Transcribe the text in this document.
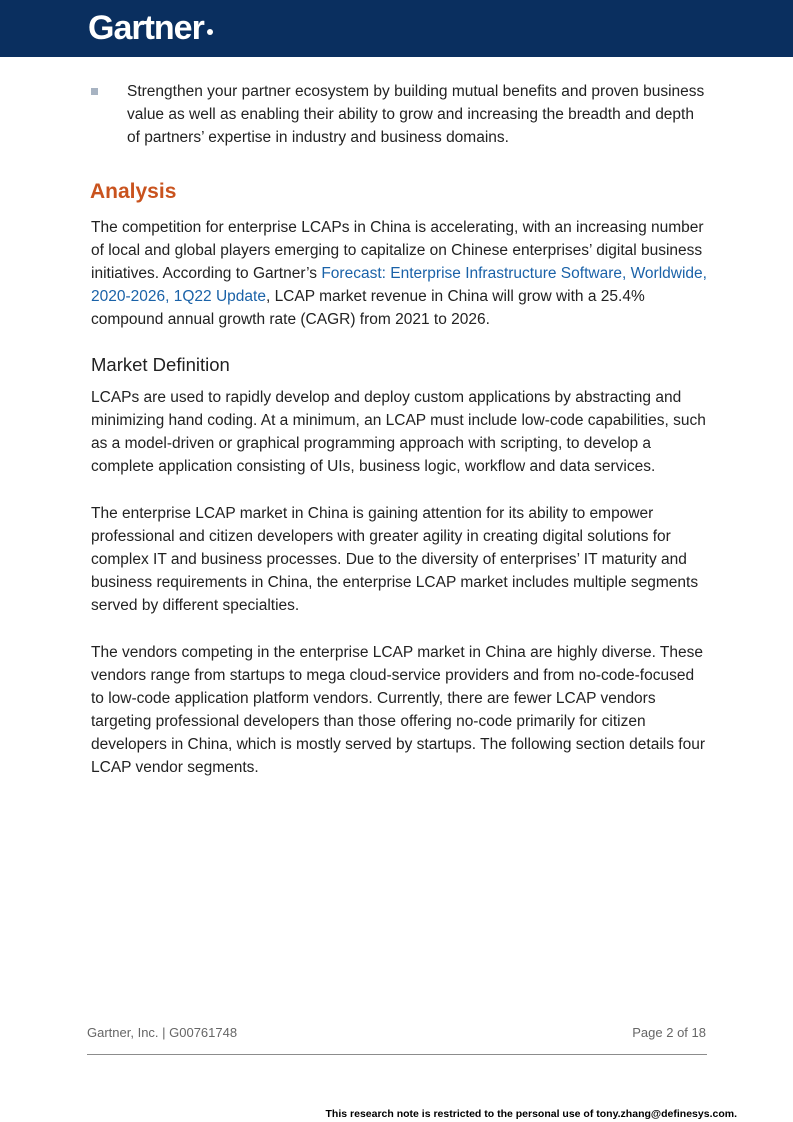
Gartner
Strengthen your partner ecosystem by building mutual benefits and proven business value as well as enabling their ability to grow and increasing the breadth and depth of partners’ expertise in industry and business domains.
Analysis

The competition for enterprise LCAPs in China is accelerating, with an increasing number of local and global players emerging to capitalize on Chinese enterprises’ digital business initiatives. According to Gartner’s Forecast: Enterprise Infrastructure Software, Worldwide, 2020-2026, 1Q22 Update, LCAP market revenue in China will grow with a 25.4% compound annual growth rate (CAGR) from 2021 to 2026.

Market Definition

LCAPs are used to rapidly develop and deploy custom applications by abstracting and minimizing hand coding. At a minimum, an LCAP must include low-code capabilities, such as a model-driven or graphical programming approach with scripting, to develop a complete application consisting of UIs, business logic, workflow and data services.

The enterprise LCAP market in China is gaining attention for its ability to empower professional and citizen developers with greater agility in creating digital solutions for complex IT and business processes. Due to the diversity of enterprises’ IT maturity and business requirements in China, the enterprise LCAP market includes multiple segments served by different specialties.

The vendors competing in the enterprise LCAP market in China are highly diverse. These vendors range from startups to mega cloud-service providers and from no-code-focused to low-code application platform vendors. Currently, there are fewer LCAP vendors targeting professional developers than those offering no-code primarily for citizen developers in China, which is mostly served by startups. The following section details four LCAP vendor segments.

Gartner, Inc. | G00761748	Page 2 of 18
This research note is restricted to the personal use of tony.zhang@definesys.com.
